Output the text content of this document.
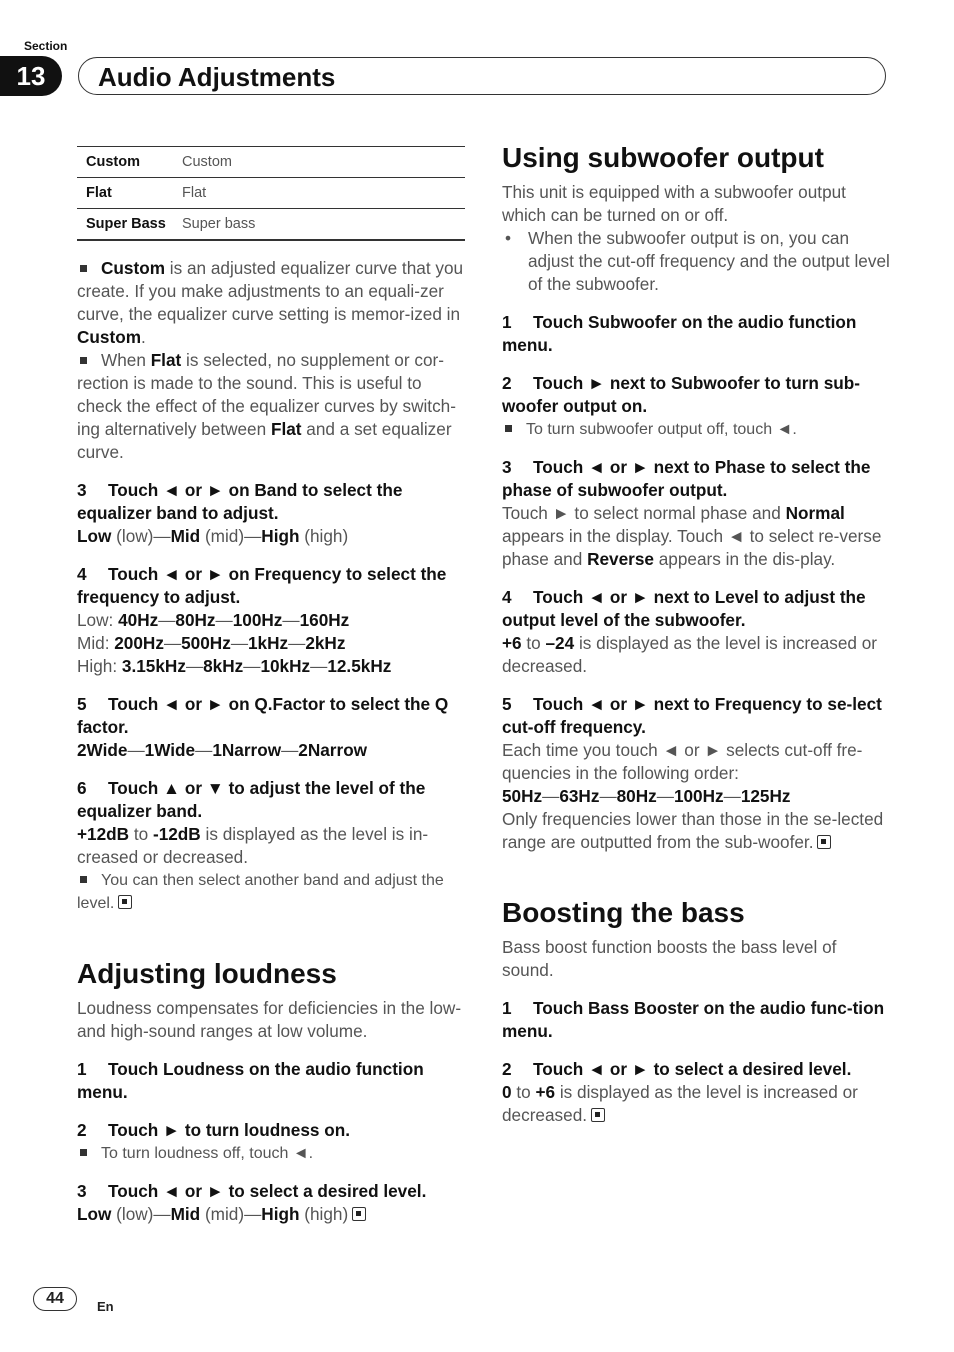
Section
13	Audio Adjustments
Custom	Custom
Flat	Flat
Super Bass	Super bass

Custom is an adjusted equalizer curve that you create. If you make adjustments to an equali-zer curve, the equalizer curve setting is memor-ized in Custom.

When Flat is selected, no supplement or cor-rection is made to the sound. This is useful to check the effect of the equalizer curves by switch-ing alternatively between Flat and a set equalizer curve.

3 Touch ◄ or ► on Band to select the equalizer band to adjust.

Low (low)—Mid (mid)—High (high)

4 Touch ◄ or ► on Frequency to select the frequency to adjust.

Low: 40Hz—80Hz—100Hz—160Hz

Mid: 200Hz—500Hz—1kHz—2kHz

High: 3.15kHz—8kHz—10kHz—12.5kHz

5 Touch ◄ or ► on Q.Factor to select the Q factor.

2Wide—1Wide—1Narrow—2Narrow

6 Touch ▲ or ▼ to adjust the level of the equalizer band.

+12dB to -12dB is displayed as the level is in-creased or decreased.

You can then select another band and adjust the level.

Adjusting loudness

Loudness compensates for deficiencies in the low- and high-sound ranges at low volume.

1 Touch Loudness on the audio function menu.

2 Touch ► to turn loudness on.

To turn loudness off, touch ◄.

3 Touch ◄ or ► to select a desired level.

Low (low)—Mid (mid)—High (high)

Using subwoofer output

This unit is equipped with a subwoofer output which can be turned on or off.

• When the subwoofer output is on, you can adjust the cut-off frequency and the output level of the subwoofer.

1 Touch Subwoofer on the audio function menu.

2 Touch ► next to Subwoofer to turn sub-woofer output on.

To turn subwoofer output off, touch ◄.

3 Touch ◄ or ► next to Phase to select the phase of subwoofer output.

Touch ► to select normal phase and Normal appears in the display. Touch ◄ to select re-verse phase and Reverse appears in the dis-play.

4 Touch ◄ or ► next to Level to adjust the output level of the subwoofer.

+6 to –24 is displayed as the level is increased or decreased.

5 Touch ◄ or ► next to Frequency to se-lect cut-off frequency.

Each time you touch ◄ or ► selects cut-off fre-quencies in the following order:

50Hz—63Hz—80Hz—100Hz—125Hz

Only frequencies lower than those in the se-lected range are outputted from the sub-woofer.

Boosting the bass

Bass boost function boosts the bass level of sound.

1 Touch Bass Booster on the audio func-tion menu.

2 Touch ◄ or ► to select a desired level.

0 to +6 is displayed as the level is increased or decreased.

44	En
